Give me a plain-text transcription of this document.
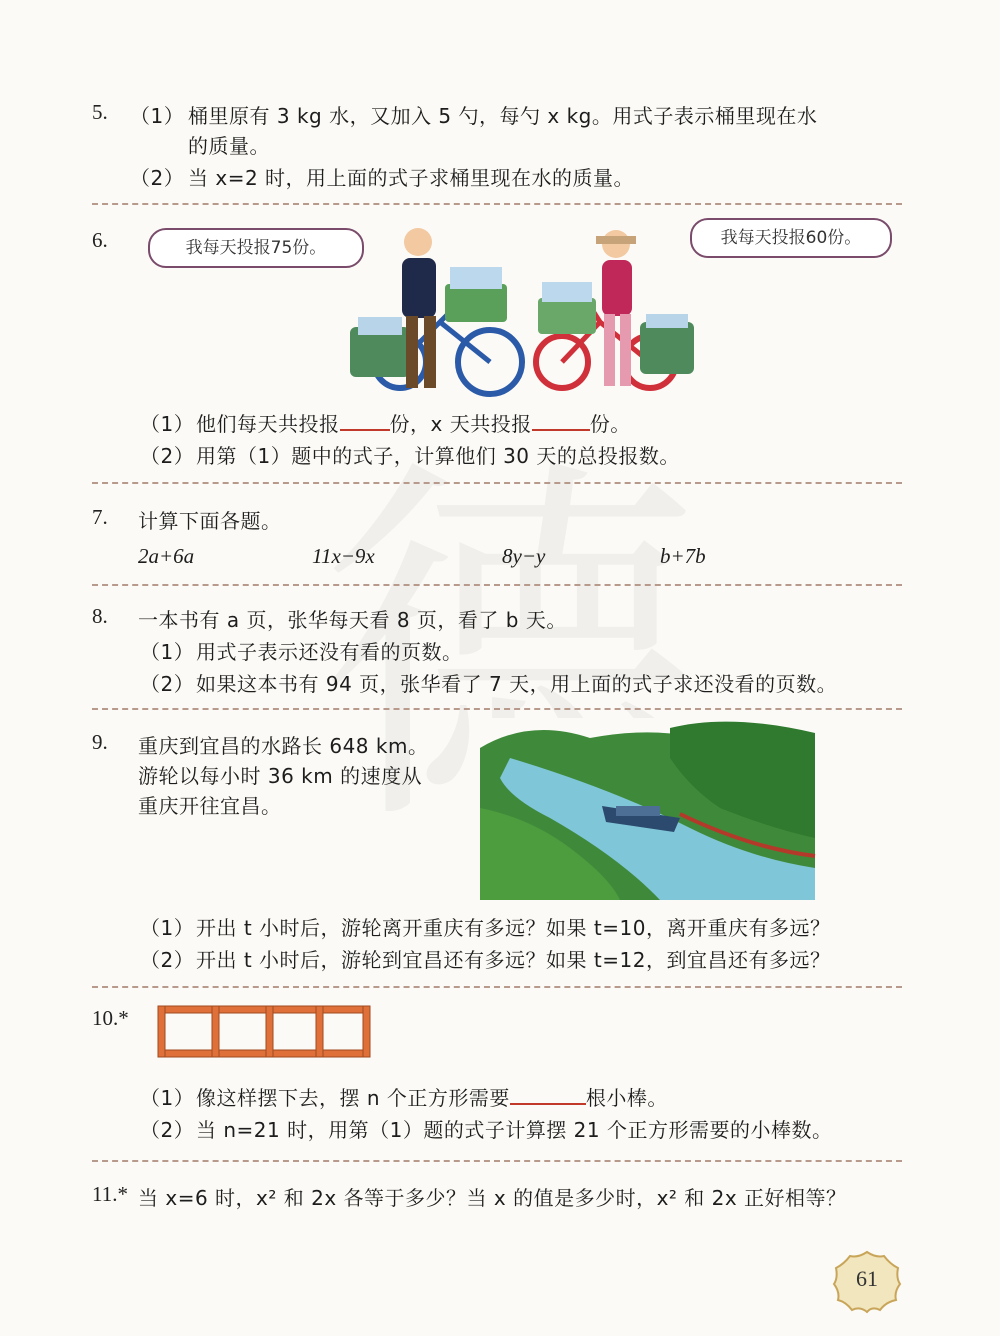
5. （1） 桶里原有 3 kg 水，又加入 5 勺，每勺 x kg。用式子表示桶里现在水
的质量。
（2） 当 x=2 时，用上面的式子求桶里现在水的质量。
6.	我每天投报75份。	我每天投报60份。
（1） 他们每天共投报	份，x 天共投报	份。
（2） 用第（1）题中的式子，计算他们 30 天的总投报数。
7. 计算下面各题。
2a+6a	11x−9x	8y−y	b+7b
8. 一本书有 a 页，张华每天看 8 页，看了 b 天。
（1） 用式子表示还没有看的页数。
（2） 如果这本书有 94 页，张华看了 7 天，用上面的式子求还没看的页数。
9. 重庆到宜昌的水路长 648 km。
游轮以每小时 36 km 的速度从
重庆开往宜昌。
（1） 开出 t 小时后，游轮离开重庆有多远？如果 t=10，离开重庆有多远？
（2） 开出 t 小时后，游轮到宜昌还有多远？如果 t=12，到宜昌还有多远？
10.*
（1） 像这样摆下去，摆 n 个正方形需要	根小棒。
（2） 当 n=21 时，用第（1）题的式子计算摆 21 个正方形需要的小棒数。
11.* 当 x=6 时，x² 和 2x 各等于多少？当 x 的值是多少时，x² 和 2x 正好相等？
61
